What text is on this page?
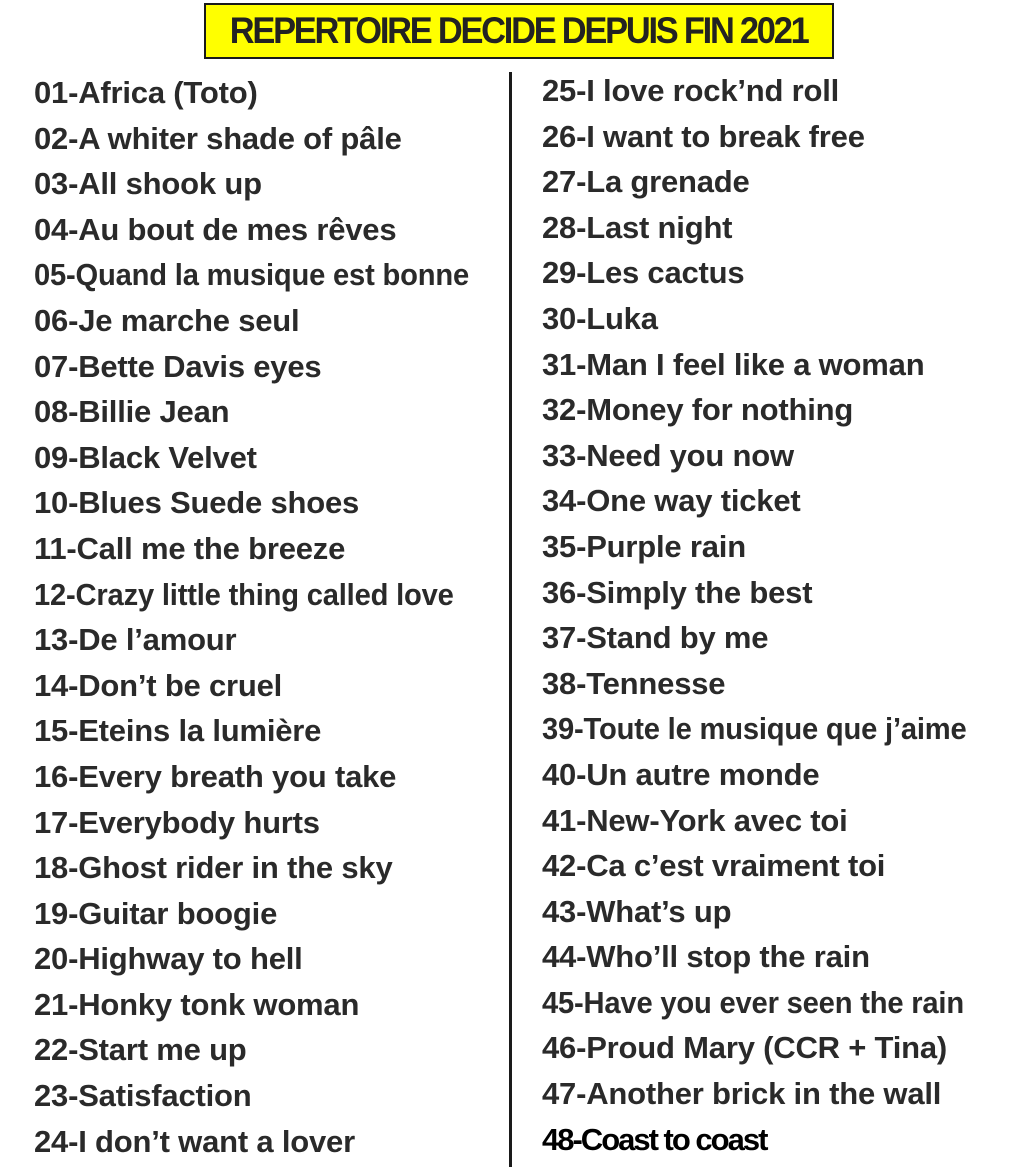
REPERTOIRE DECIDE DEPUIS FIN 2021
01-Africa (Toto)
02-A whiter shade of pâle
03-All shook up
04-Au bout de mes rêves
05-Quand la musique est bonne
06-Je marche seul
07-Bette Davis eyes
08-Billie Jean
09-Black Velvet
10-Blues Suede shoes
11-Call me the breeze
12-Crazy little thing called love
13-De l’amour
14-Don’t be cruel
15-Eteins la lumière
16-Every breath you take
17-Everybody hurts
18-Ghost rider in the sky
19-Guitar boogie
20-Highway to hell
21-Honky tonk woman
22-Start me up
23-Satisfaction
24-I don’t want a lover
25-I love rock’nd roll
26-I want to break free
27-La grenade
28-Last night
29-Les cactus
30-Luka
31-Man I feel like a woman
32-Money for nothing
33-Need you now
34-One way ticket
35-Purple rain
36-Simply the best
37-Stand by me
38-Tennesse
39-Toute le musique que j’aime
40-Un autre monde
41-New-York avec toi
42-Ca c’est vraiment toi
43-What’s up
44-Who’ll stop the rain
45-Have you ever seen the rain
46-Proud Mary (CCR + Tina)
47-Another brick in the wall
48-Coast to coast
